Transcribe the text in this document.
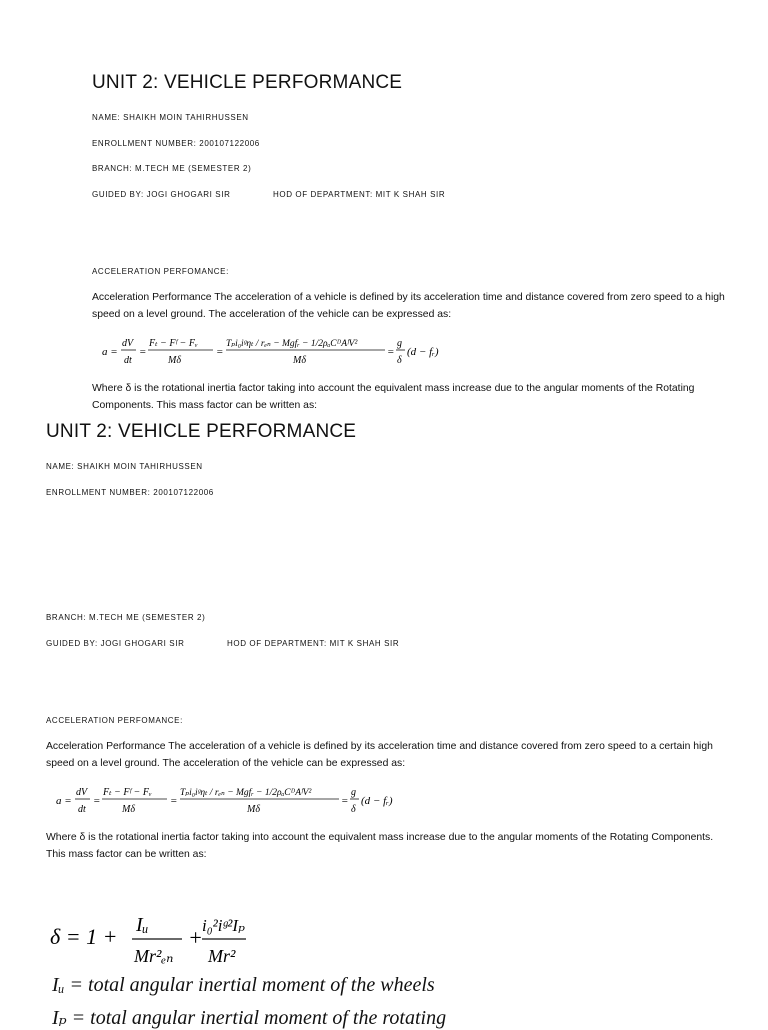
UNIT 2: VEHICLE PERFORMANCE
NAME: SHAIKH MOIN TAHIRHUSSEN
ENROLLMENT NUMBER: 200107122006
BRANCH: M.TECH ME (SEMESTER 2)
GUIDED BY: JOGI GHOGARI SIR	HOD OF DEPARTMENT: MIT K SHAH SIR
ACCELERATION PERFOMANCE:
Acceleration Performance The acceleration of a vehicle is defined by its acceleration time and distance covered from zero speed to a high speed on a level ground. The acceleration of the vehicle can be expressed as:
a =
dV
dt
=
Fₜ − Fᶠ − Fᵥ
Mδ
=
Tₚi₀iᵍηₜ / rₑₙ − Mgfᵣ − 1/2ρₐCᴰAᶠV²
Mδ
=
g
δ
(d − fᵣ)
Where δ is the rotational inertia factor taking into account the equivalent mass increase due to the angular moments of the Rotating Components. This mass factor can be written as:
UNIT 2: VEHICLE PERFORMANCE
NAME: SHAIKH MOIN TAHIRHUSSEN
ENROLLMENT NUMBER: 200107122006
BRANCH: M.TECH ME (SEMESTER 2)
GUIDED BY: JOGI GHOGARI SIR	HOD OF DEPARTMENT: MIT K SHAH SIR
ACCELERATION PERFOMANCE:
Acceleration Performance The acceleration of a vehicle is defined by its acceleration time and distance covered from zero speed to a certain high speed on a level ground. The acceleration of the vehicle can be expressed as:
a =
dV
dt
=
Fₜ − Fᶠ − Fᵥ
Mδ
=
Tₚi₀iᵍηₜ / rₑₙ − Mgfᵣ − 1/2ρₐCᴰAᶠV²
Mδ
=
g
δ
(d − fᵣ)
Where δ is the rotational inertia factor taking into account the equivalent mass increase due to the angular moments of the Rotating Components. This mass factor can be written as:
δ = 1 + Iᵤ
Mr²ₑₙ
+ i₀²iᵍ²Iₚ
Mr²
Iᵤ = total angular inertial moment of the wheels
Iₚ = total angular inertial moment of the rotating
